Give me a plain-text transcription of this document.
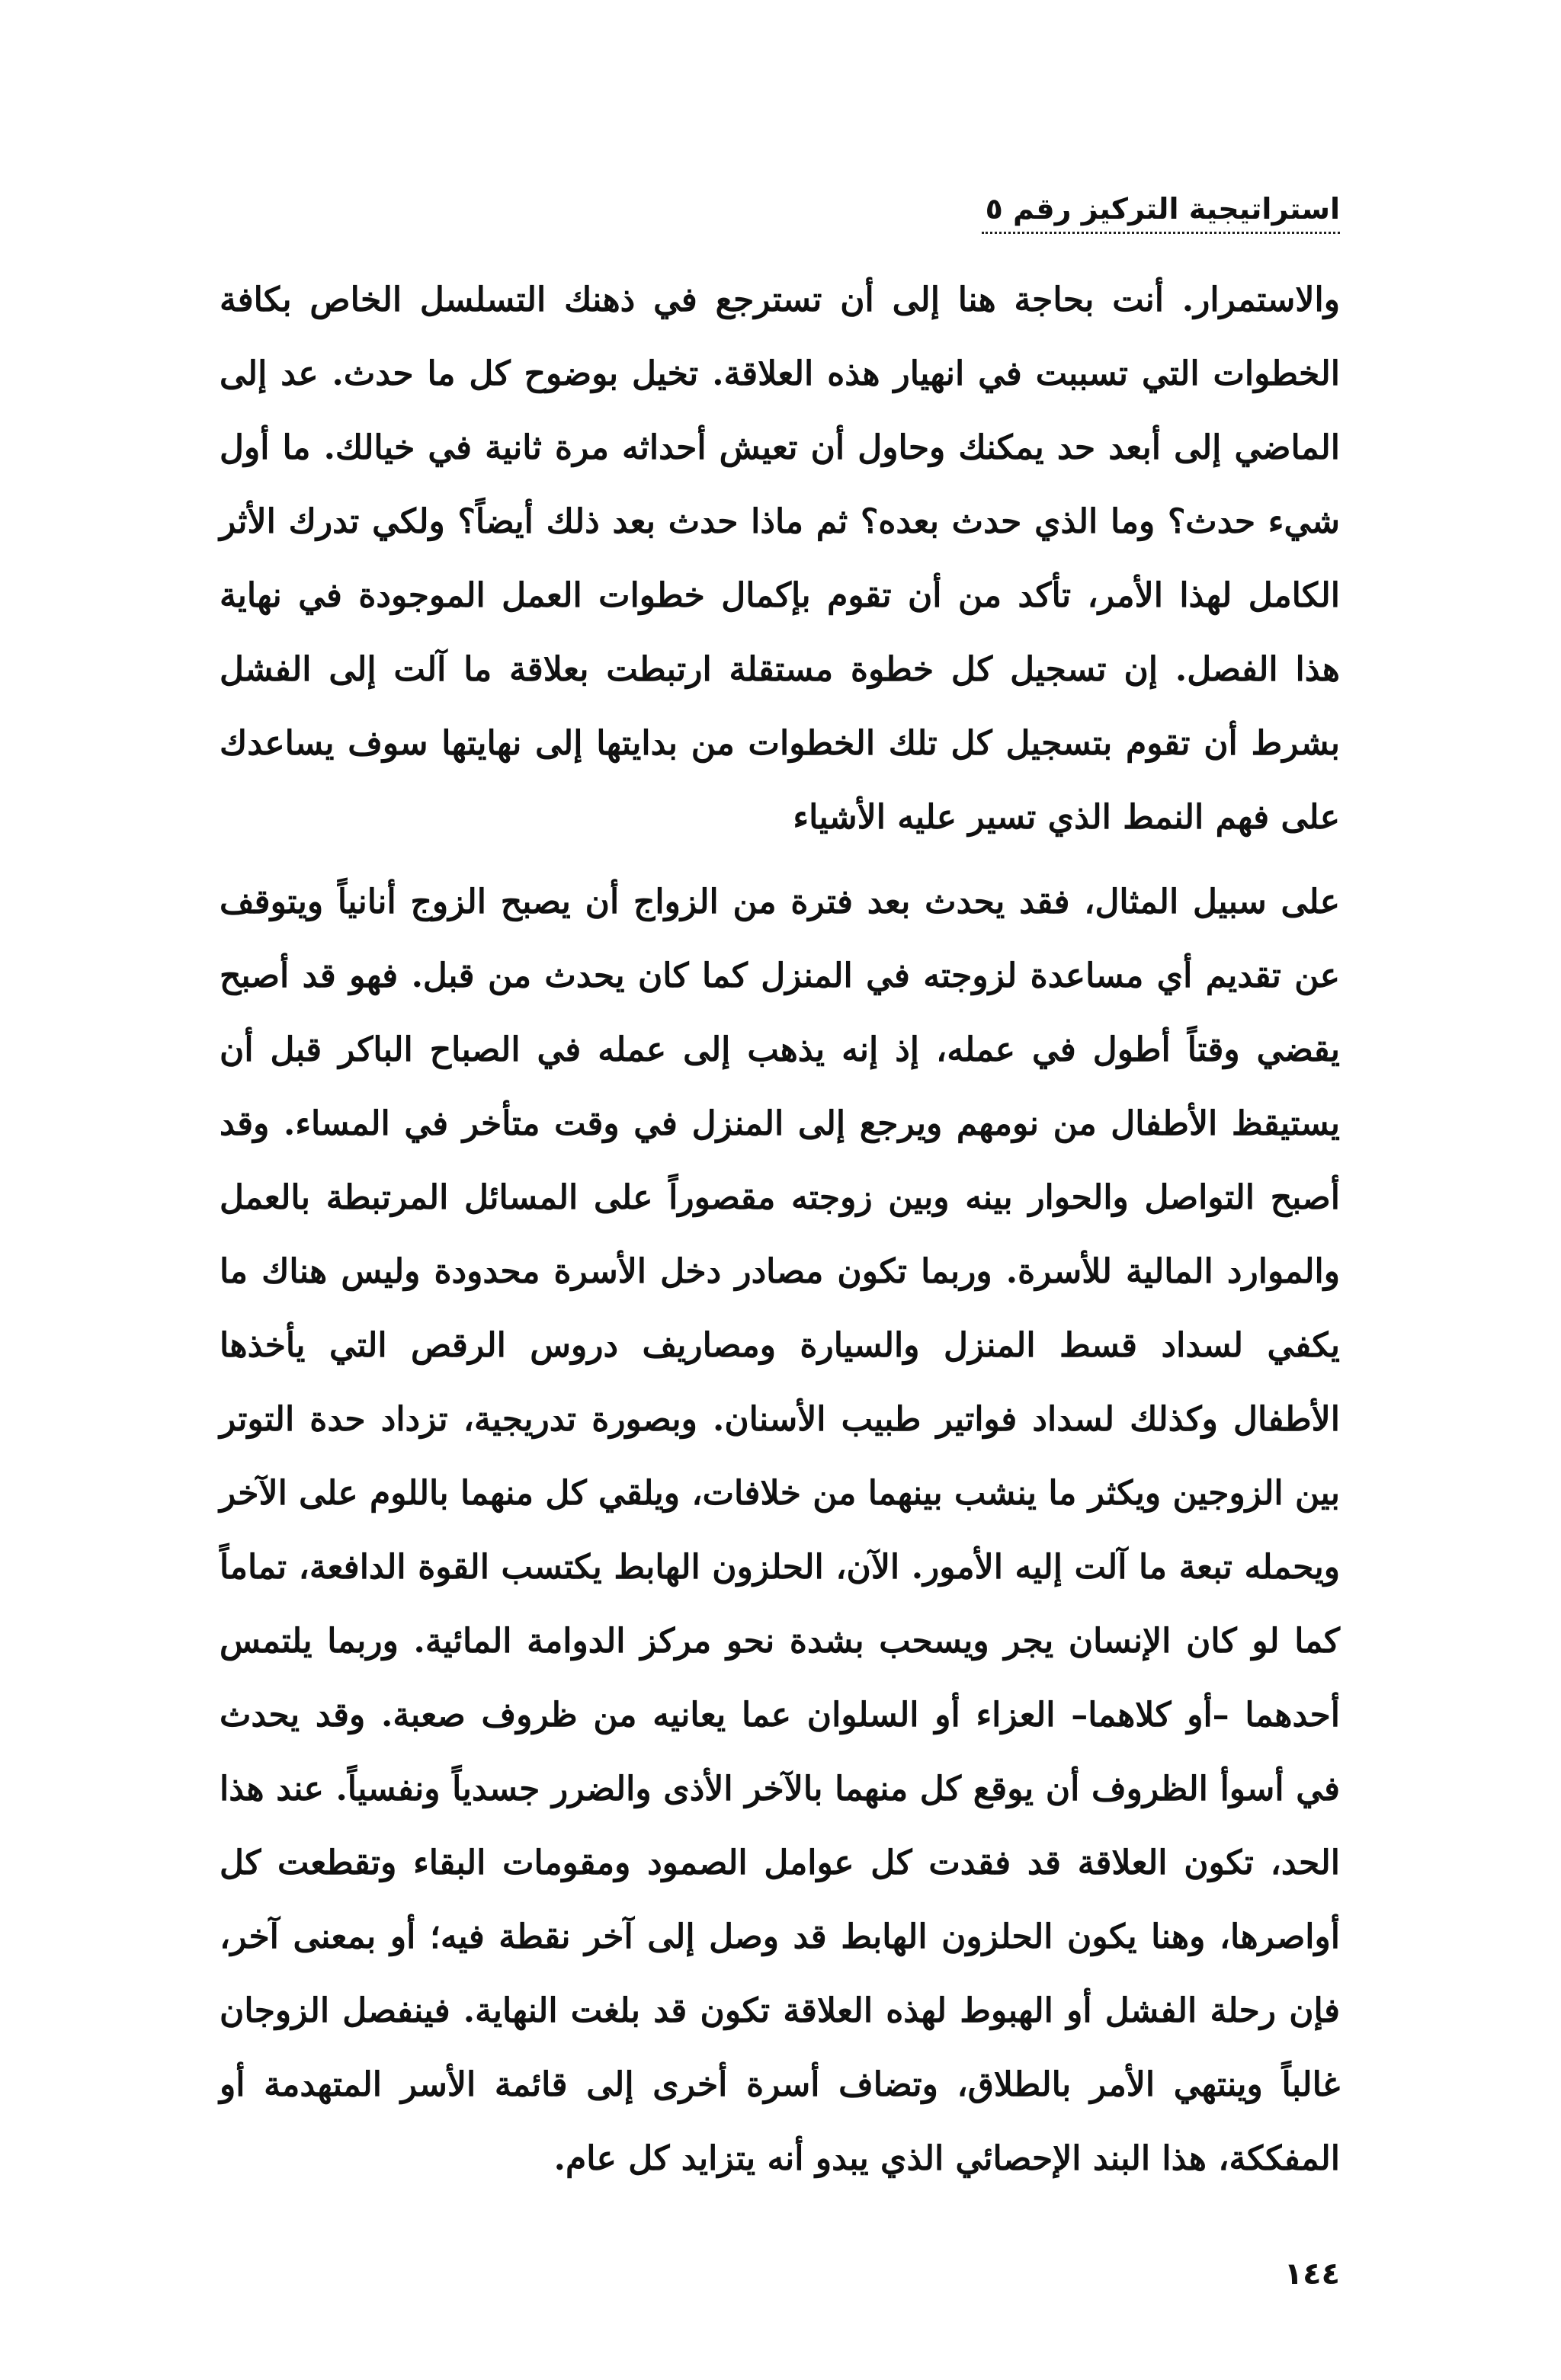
استراتيجية التركيز رقم ٥

والاستمرار. أنت بحاجة هنا إلى أن تسترجع في ذهنك التسلسل الخاص بكافة الخطوات التي تسببت في انهيار هذه العلاقة. تخيل بوضوح كل ما حدث. عد إلى الماضي إلى أبعد حد يمكنك وحاول أن تعيش أحداثه مرة ثانية في خيالك. ما أول شيء حدث؟ وما الذي حدث بعده؟ ثم ماذا حدث بعد ذلك أيضاً؟ ولكي تدرك الأثر الكامل لهذا الأمر، تأكد من أن تقوم بإكمال خطوات العمل الموجودة في نهاية هذا الفصل. إن تسجيل كل خطوة مستقلة ارتبطت بعلاقة ما آلت إلى الفشل بشرط أن تقوم بتسجيل كل تلك الخطوات من بدايتها إلى نهايتها سوف يساعدك على فهم النمط الذي تسير عليه الأشياء

على سبيل المثال، فقد يحدث بعد فترة من الزواج أن يصبح الزوج أنانياً ويتوقف عن تقديم أي مساعدة لزوجته في المنزل كما كان يحدث من قبل. فهو قد أصبح يقضي وقتاً أطول في عمله، إذ إنه يذهب إلى عمله في الصباح الباكر قبل أن يستيقظ الأطفال من نومهم ويرجع إلى المنزل في وقت متأخر في المساء. وقد أصبح التواصل والحوار بينه وبين زوجته مقصوراً على المسائل المرتبطة بالعمل والموارد المالية للأسرة. وربما تكون مصادر دخل الأسرة محدودة وليس هناك ما يكفي لسداد قسط المنزل والسيارة ومصاريف دروس الرقص التي يأخذها الأطفال وكذلك لسداد فواتير طبيب الأسنان. وبصورة تدريجية، تزداد حدة التوتر بين الزوجين ويكثر ما ينشب بينهما من خلافات، ويلقي كل منهما باللوم على الآخر ويحمله تبعة ما آلت إليه الأمور. الآن، الحلزون الهابط يكتسب القوة الدافعة، تماماً كما لو كان الإنسان يجر ويسحب بشدة نحو مركز الدوامة المائية. وربما يلتمس أحدهما –أو كلاهما– العزاء أو السلوان عما يعانيه من ظروف صعبة. وقد يحدث في أسوأ الظروف أن يوقع كل منهما بالآخر الأذى والضرر جسدياً ونفسياً. عند هذا الحد، تكون العلاقة قد فقدت كل عوامل الصمود ومقومات البقاء وتقطعت كل أواصرها، وهنا يكون الحلزون الهابط قد وصل إلى آخر نقطة فيه؛ أو بمعنى آخر، فإن رحلة الفشل أو الهبوط لهذه العلاقة تكون قد بلغت النهاية. فينفصل الزوجان غالباً وينتهي الأمر بالطلاق، وتضاف أسرة أخرى إلى قائمة الأسر المتهدمة أو المفككة، هذا البند الإحصائي الذي يبدو أنه يتزايد كل عام.

١٤٤
